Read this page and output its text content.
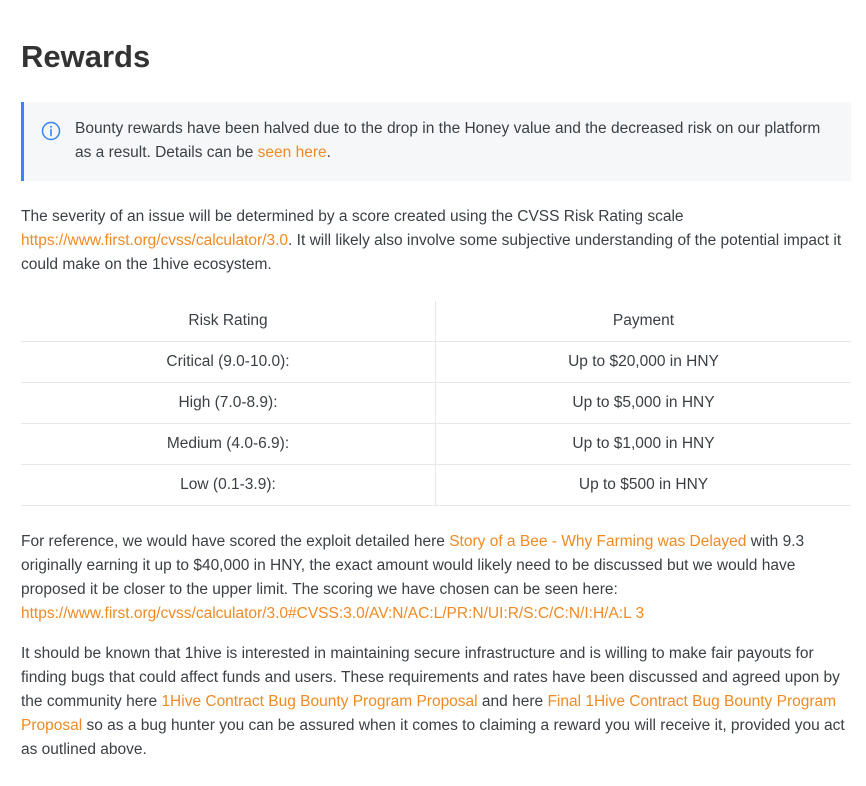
Rewards
Bounty rewards have been halved due to the drop in the Honey value and the decreased risk on our platform as a result. Details can be seen here.

The severity of an issue will be determined by a score created using the CVSS Risk Rating scale https://www.first.org/cvss/calculator/3.0. It will likely also involve some subjective understanding of the potential impact it could make on the 1hive ecosystem.

Risk Rating	Payment
Critical (9.0-10.0):	Up to $20,000 in HNY
High (7.0-8.9):	Up to $5,000 in HNY
Medium (4.0-6.9):	Up to $1,000 in HNY
Low (0.1-3.9):	Up to $500 in HNY

For reference, we would have scored the exploit detailed here Story of a Bee - Why Farming was Delayed with 9.3 originally earning it up to $40,000 in HNY, the exact amount would likely need to be discussed but we would have proposed it be closer to the upper limit. The scoring we have chosen can be seen here: https://www.first.org/cvss/calculator/3.0#CVSS:3.0/AV:N/AC:L/PR:N/UI:R/S:C/C:N/I:H/A:L 3

It should be known that 1hive is interested in maintaining secure infrastructure and is willing to make fair payouts for finding bugs that could affect funds and users. These requirements and rates have been discussed and agreed upon by the community here 1Hive Contract Bug Bounty Program Proposal and here Final 1Hive Contract Bug Bounty Program Proposal so as a bug hunter you can be assured when it comes to claiming a reward you will receive it, provided you act as outlined above.
